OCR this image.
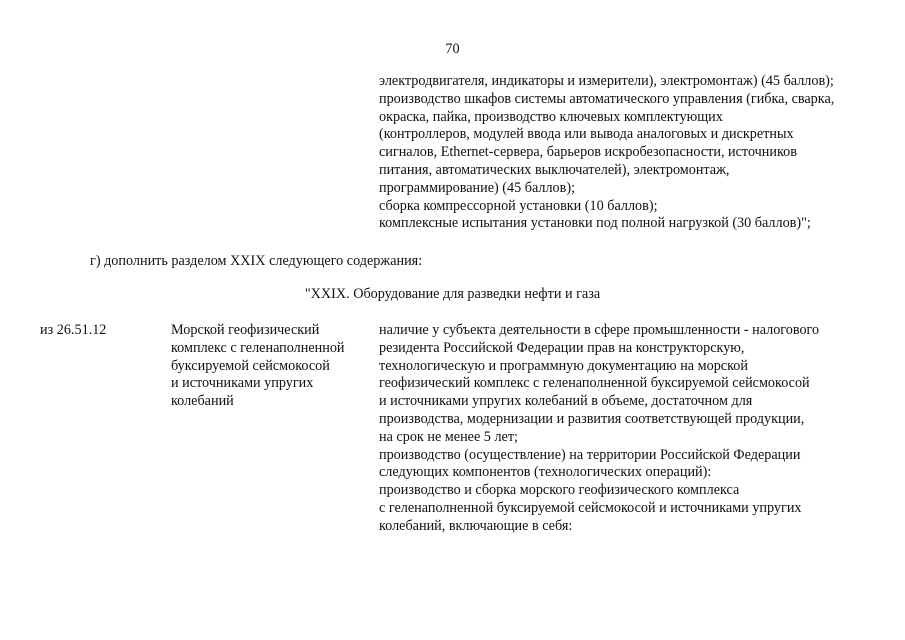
70
электродвигателя, индикаторы и измерители), электромонтаж) (45 баллов);
производство шкафов системы автоматического управления (гибка, сварка,
окраска, пайка, производство ключевых комплектующих
(контроллеров, модулей ввода или вывода аналоговых и дискретных
сигналов, Ethernet-сервера, барьеров искробезопасности, источников
питания, автоматических выключателей), электромонтаж,
программирование) (45 баллов);
сборка компрессорной установки (10 баллов);
комплексные испытания установки под полной нагрузкой (30 баллов)";
г) дополнить разделом XXIX следующего содержания:
"XXIX. Оборудование для разведки нефти и газа
из 26.51.12	Морской геофизический
комплекс с геленаполненной
буксируемой сейсмокосой
и источниками упругих
колебаний
наличие у субъекта деятельности в сфере промышленности - налогового
резидента Российской Федерации прав на конструкторскую,
технологическую и программную документацию на морской
геофизический комплекс с геленаполненной буксируемой сейсмокосой
и источниками упругих колебаний в объеме, достаточном для
производства, модернизации и развития соответствующей продукции,
на срок не менее 5 лет;
производство (осуществление) на территории Российской Федерации
следующих компонентов (технологических операций):
производство и сборка морского геофизического комплекса
с геленаполненной буксируемой сейсмокосой и источниками упругих
колебаний, включающие в себя:
